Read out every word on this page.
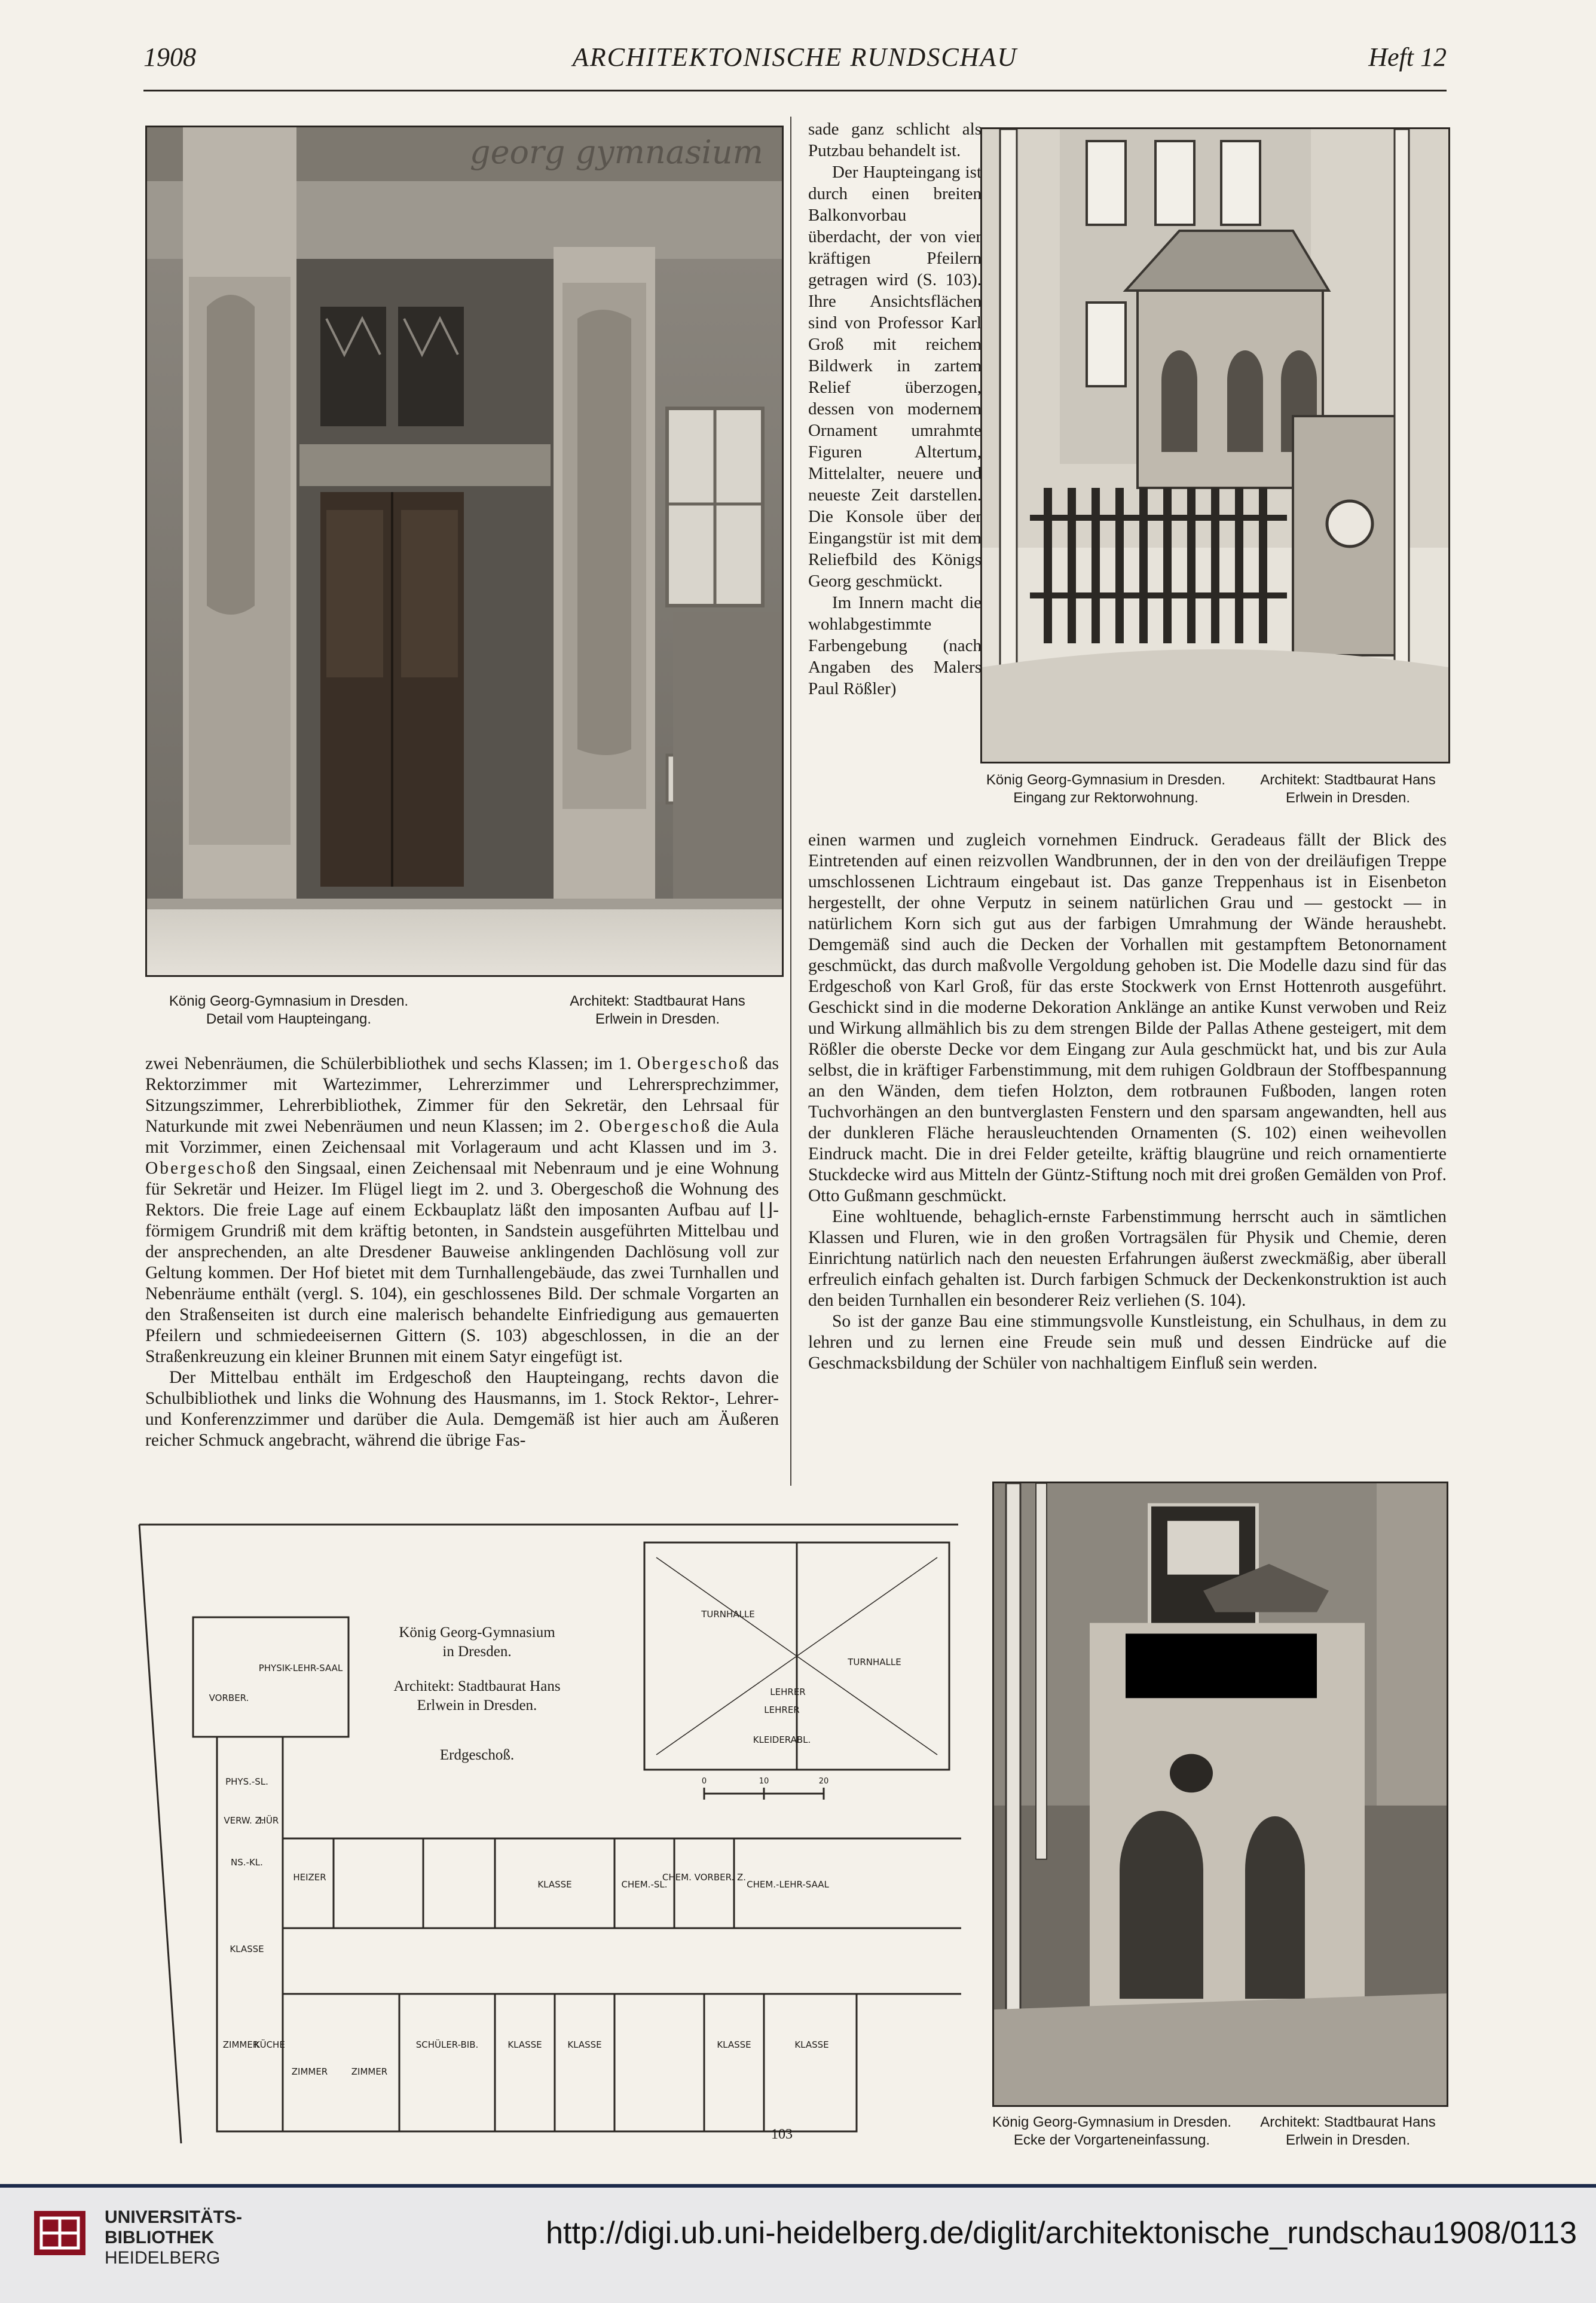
1908	ARCHITEKTONISCHE RUNDSCHAU	Heft 12
georg gymnasium
König Georg-Gymnasium in Dresden.
Detail vom Haupteingang.
Architekt: Stadtbaurat Hans
Erlwein in Dresden.

sade ganz schlicht als Putzbau behandelt ist.

Der Haupteingang ist durch einen breiten Balkonvorbau überdacht, der von vier kräftigen Pfeilern getragen wird (S. 103). Ihre Ansichtsflächen sind von Professor Karl Groß mit reichem Bildwerk in zartem Relief überzogen, dessen von modernem Ornament umrahmte Figuren Altertum, Mittelalter, neuere und neueste Zeit darstellen. Die Konsole über der Eingangstür ist mit dem Reliefbild des Königs Georg geschmückt.

Im Innern macht die wohlabgestimmte Farbengebung (nach Angaben des Malers Paul Rößler)

König Georg-Gymnasium in Dresden.
Eingang zur Rektorwohnung.
Architekt: Stadtbaurat Hans
Erlwein in Dresden.

zwei Nebenräumen, die Schülerbibliothek und sechs Klassen; im 1. Obergeschoß das Rektorzimmer mit Wartezimmer, Lehrerzimmer und Lehrersprechzimmer, Sitzungszimmer, Lehrerbibliothek, Zimmer für den Sekretär, den Lehrsaal für Naturkunde mit zwei Nebenräumen und neun Klassen; im 2. Obergeschoß die Aula mit Vorzimmer, einen Zeichensaal mit Vorlageraum und acht Klassen und im 3. Obergeschoß den Singsaal, einen Zeichensaal mit Nebenraum und je eine Wohnung für Sekretär und Heizer. Im Flügel liegt im 2. und 3. Obergeschoß die Wohnung des Rektors. Die freie Lage auf einem Eckbauplatz läßt den imposanten Aufbau auf ⌊⌋-förmigem Grundriß mit dem kräftig betonten, in Sandstein ausgeführten Mittelbau und der ansprechenden, an alte Dresdener Bauweise anklingenden Dachlösung voll zur Geltung kommen. Der Hof bietet mit dem Turnhallengebäude, das zwei Turnhallen und Nebenräume enthält (vergl. S. 104), ein geschlossenes Bild. Der schmale Vorgarten an den Straßenseiten ist durch eine malerisch behandelte Einfriedigung aus gemauerten Pfeilern und schmiedeeisernen Gittern (S. 103) abgeschlossen, in die an der Straßenkreuzung ein kleiner Brunnen mit einem Satyr eingefügt ist.

Der Mittelbau enthält im Erdgeschoß den Haupteingang, rechts davon die Schulbibliothek und links die Wohnung des Hausmanns, im 1. Stock Rektor-, Lehrer- und Konferenzzimmer und darüber die Aula. Demgemäß ist hier auch am Äußeren reicher Schmuck angebracht, während die übrige Fas-

einen warmen und zugleich vornehmen Eindruck. Geradeaus fällt der Blick des Eintretenden auf einen reizvollen Wandbrunnen, der in den von der dreiläufigen Treppe umschlossenen Lichtraum eingebaut ist. Das ganze Treppenhaus ist in Eisenbeton hergestellt, der ohne Verputz in seinem natürlichen Grau und — gestockt — in natürlichem Korn sich gut aus der farbigen Umrahmung der Wände heraushebt. Demgemäß sind auch die Decken der Vorhallen mit gestampftem Betonornament geschmückt, das durch maßvolle Vergoldung gehoben ist. Die Modelle dazu sind für das Erdgeschoß von Karl Groß, für das erste Stockwerk von Ernst Hottenroth ausgeführt. Geschickt sind in die moderne Dekoration Anklänge an antike Kunst verwoben und Reiz und Wirkung allmählich bis zu dem strengen Bilde der Pallas Athene gesteigert, mit dem Rößler die oberste Decke vor dem Eingang zur Aula geschmückt hat, und bis zur Aula selbst, die in kräftiger Farbenstimmung, mit dem ruhigen Goldbraun der Stoffbespannung an den Wänden, dem tiefen Holzton, dem rotbraunen Fußboden, langen roten Tuchvorhängen an den buntverglasten Fenstern und den sparsam angewandten, hell aus der dunkleren Fläche herausleuchtenden Ornamenten (S. 102) einen weihevollen Eindruck macht. Die in drei Felder geteilte, kräftig blaugrüne und reich ornamentierte Stuckdecke wird aus Mitteln der Güntz-Stiftung noch mit drei großen Gemälden von Prof. Otto Gußmann geschmückt.

Eine wohltuende, behaglich-ernste Farbenstimmung herrscht auch in sämtlichen Klassen und Fluren, wie in den großen Vortragsälen für Physik und Chemie, deren Einrichtung natürlich nach den neuesten Erfahrungen äußerst zweckmäßig, aber überall erfreulich einfach gehalten ist. Durch farbigen Schmuck der Deckenkonstruktion ist auch den beiden Turnhallen ein besonderer Reiz verliehen (S. 104).

So ist der ganze Bau eine stimmungsvolle Kunstleistung, ein Schulhaus, in dem zu lehren und zu lernen eine Freude sein muß und dessen Eindrücke auf die Geschmacksbildung der Schüler von nachhaltigem Einfluß sein werden.

TURNHALLE
TURNHALLE
LEHRER
KLEIDERABL.
PHYSIK-LEHR-SAAL
VORBER.
PHYS.-SL.
VERW. Z.
HÜR
NS.-KL.
HEIZER
KLASSE
ZIMMER
KÜCHE
ZIMMER	ZIMMER
SCHÜLER-BIB.	KLASSE	KLASSE	KLASSE	KLASSE
KLASSE	CHEM.-SL.
CHEM. VORBER. Z.
CHEM.-LEHR-SAAL
LEHRER
0	10	20
König Georg-Gymnasium
in Dresden.
Architekt: Stadtbaurat Hans
Erlwein in Dresden.
Erdgeschoß.
103
UNIVERSITÄTS-
BIBLIOTHEK
HEIDELBERG
http://digi.ub.uni-heidelberg.de/diglit/architektonische_rundschau1908/0113
König Georg-Gymnasium in Dresden.
Ecke der Vorgarteneinfassung.
Architekt: Stadtbaurat Hans
Erlwein in Dresden.
